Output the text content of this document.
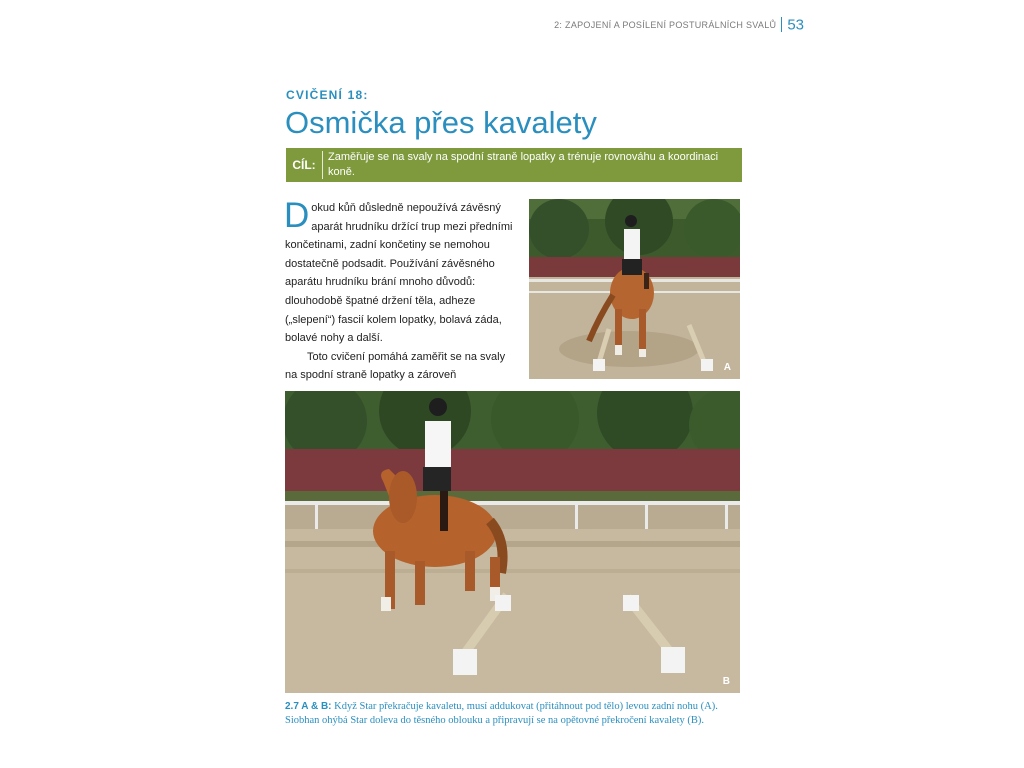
2: ZAPOJENÍ A POSÍLENÍ POSTURÁLNÍCH SVALŮ 53
CVIČENÍ 18:
Osmička přes kavalety
CÍL:
Zaměřuje se na svaly na spodní straně lopatky a trénuje rovnováhu a koordinaci koně.

Dokud kůň důsledně nepoužívá závěsný aparát hrudníku držící trup mezi předními končetinami, zadní končetiny se nemohou dostatečně podsadit. Používání závěsného aparátu hrudníku brání mnoho důvodů: dlouhodobě špatné držení těla, adheze („slepení“) fascií kolem lopatky, bolavá záda, bolavé nohy a další.

Toto cvičení pomáhá zaměřit se na svaly na spodní straně lopatky a zároveň

A
B
2.7 A & B: Když Star překračuje kavaletu, musí addukovat (přitáhnout pod tělo) levou zadní nohu (A). Siobhan ohýbá Star doleva do těsného oblouku a připravují se na opětovné překročení kavalety (B).
